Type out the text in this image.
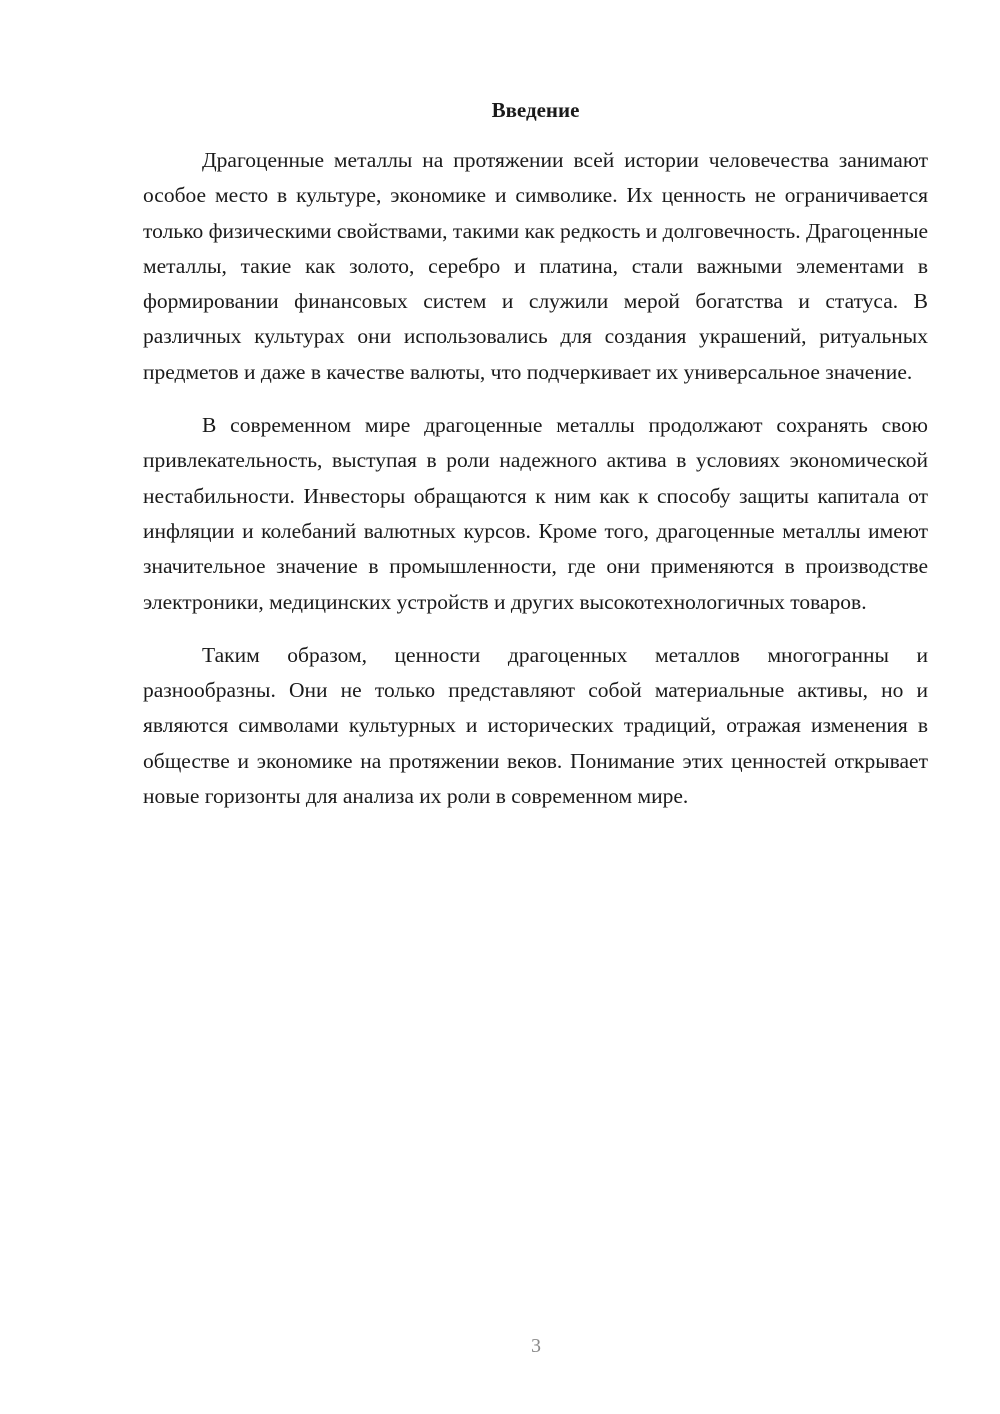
Введение

Драгоценные металлы на протяжении всей истории человечества занимают особое место в культуре, экономике и символике. Их ценность не ограничивается только физическими свойствами, такими как редкость и долговечность. Драгоценные металлы, такие как золото, серебро и платина, стали важными элементами в формировании финансовых систем и служили мерой богатства и статуса. В различных культурах они использовались для создания украшений, ритуальных предметов и даже в качестве валюты, что подчеркивает их универсальное значение.

В современном мире драгоценные металлы продолжают сохранять свою привлекательность, выступая в роли надежного актива в условиях экономической нестабильности. Инвесторы обращаются к ним как к способу защиты капитала от инфляции и колебаний валютных курсов. Кроме того, драгоценные металлы имеют значительное значение в промышленности, где они применяются в производстве электроники, медицинских устройств и других высокотехнологичных товаров.

Таким образом, ценности драгоценных металлов многогранны и разнообразны. Они не только представляют собой материальные активы, но и являются символами культурных и исторических традиций, отражая изменения в обществе и экономике на протяжении веков. Понимание этих ценностей открывает новые горизонты для анализа их роли в современном мире.

3
